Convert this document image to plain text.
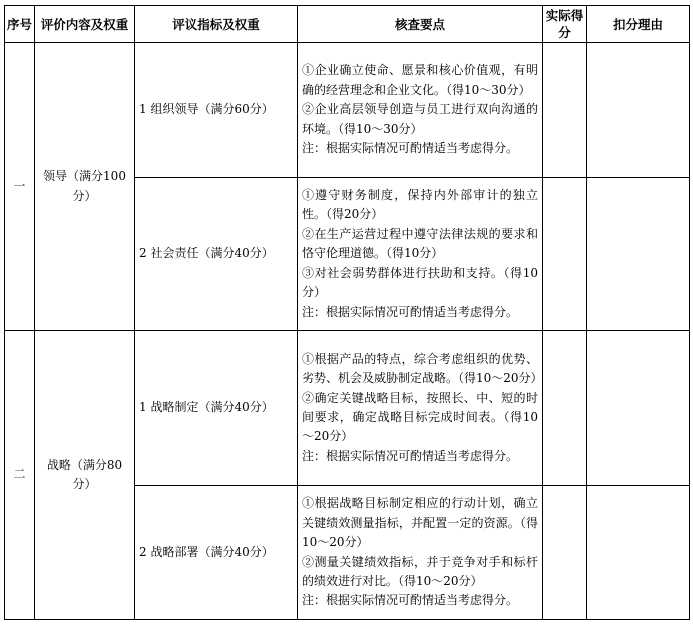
序号	评价内容及权重	评议指标及权重	核查要点	实际得分	扣分理由
一	领导（满分100分）	1 组织领导（满分60分）	①企业确立使命、愿景和核心价值观，有明确的经营理念和企业文化。（得10～30分）

②企业高层领导创造与员工进行双向沟通的环境。（得10～30分）

注：根据实际情况可酌情适当考虑得分。		

		2 社会责任（满分40分）	①遵守财务制度，保持内外部审计的独立性。（得20分）

②在生产运营过程中遵守法律法规的要求和恪守伦理道德。（得10分）

③对社会弱势群体进行扶助和支持。（得10分）

注：根据实际情况可酌情适当考虑得分。		

二	战略（满分80分）	1 战略制定（满分40分）	①根据产品的特点，综合考虑组织的优势、劣势、机会及威胁制定战略。（得10～20分）

②确定关键战略目标，按照长、中、短的时间要求，确定战略目标完成时间表。（得10～20分）

注：根据实际情况可酌情适当考虑得分。		

		2 战略部署（满分40分）	①根据战略目标制定相应的行动计划，确立关键绩效测量指标，并配置一定的资源。（得10～20分）

②测量关键绩效指标，并于竞争对手和标杆的绩效进行对比。（得10～20分）

注：根据实际情况可酌情适当考虑得分。		
